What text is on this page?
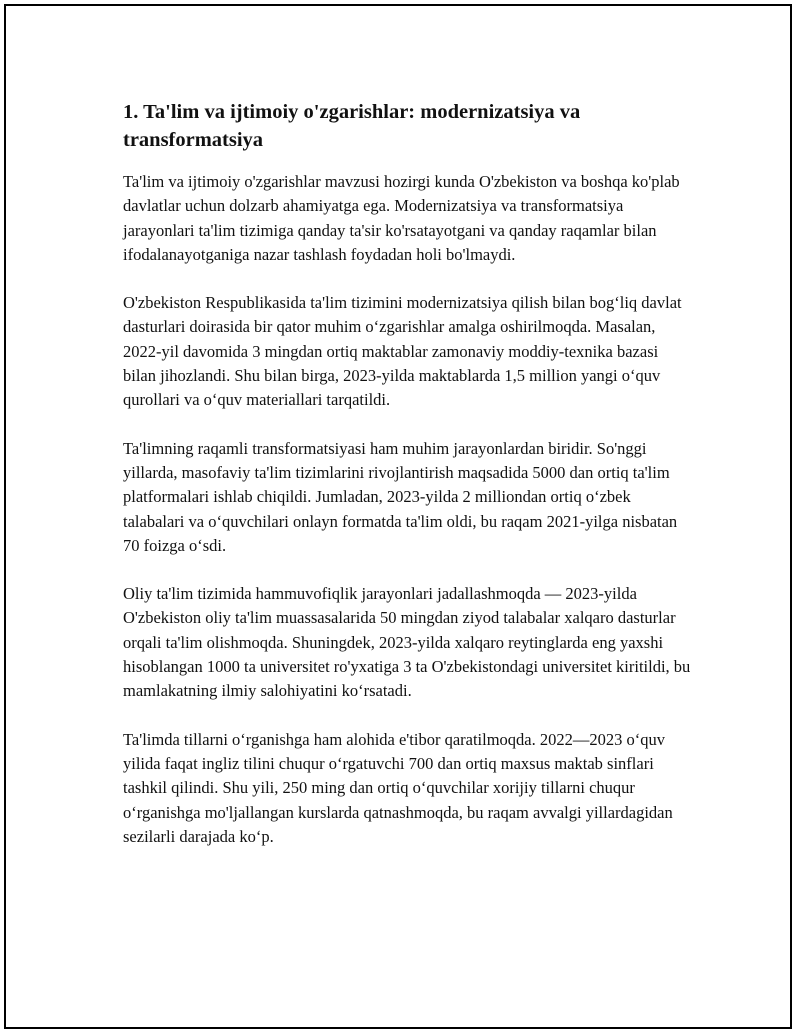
1. Ta'lim va ijtimoiy o'zgarishlar: modernizatsiya va transformatsiya

Ta'lim va ijtimoiy o'zgarishlar mavzusi hozirgi kunda O'zbekiston va boshqa ko'plab davlatlar uchun dolzarb ahamiyatga ega. Modernizatsiya va transformatsiya jarayonlari ta'lim tizimiga qanday ta'sir ko'rsatayotgani va qanday raqamlar bilan ifodalanayotganiga nazar tashlash foydadan holi bo'lmaydi.

O'zbekiston Respublikasida ta'lim tizimini modernizatsiya qilish bilan bog‘liq davlat dasturlari doirasida bir qator muhim o‘zgarishlar amalga oshirilmoqda. Masalan, 2022-yil davomida 3 mingdan ortiq maktablar zamonaviy moddiy-texnika bazasi bilan jihozlandi. Shu bilan birga, 2023-yilda maktablarda 1,5 million yangi o‘quv qurollari va o‘quv materiallari tarqatildi.

Ta'limning raqamli transformatsiyasi ham muhim jarayonlardan biridir. So'nggi yillarda, masofaviy ta'lim tizimlarini rivojlantirish maqsadida 5000 dan ortiq ta'lim platformalari ishlab chiqildi. Jumladan, 2023-yilda 2 milliondan ortiq o‘zbek talabalari va o‘quvchilari onlayn formatda ta'lim oldi, bu raqam 2021-yilga nisbatan 70 foizga o‘sdi.

Oliy ta'lim tizimida hammuvofiqlik jarayonlari jadallashmoqda — 2023-yilda O'zbekiston oliy ta'lim muassasalarida 50 mingdan ziyod talabalar xalqaro dasturlar orqali ta'lim olishmoqda. Shuningdek, 2023-yilda xalqaro reytinglarda eng yaxshi hisoblangan 1000 ta universitet ro'yxatiga 3 ta O'zbekistondagi universitet kiritildi, bu mamlakatning ilmiy salohiyatini ko‘rsatadi.

Ta'limda tillarni o‘rganishga ham alohida e'tibor qaratilmoqda. 2022—2023 o‘quv yilida faqat ingliz tilini chuqur o‘rgatuvchi 700 dan ortiq maxsus maktab sinflari tashkil qilindi. Shu yili, 250 ming dan ortiq o‘quvchilar xorijiy tillarni chuqur o‘rganishga mo'ljallangan kurslarda qatnashmoqda, bu raqam avvalgi yillardagidan sezilarli darajada ko‘p.
